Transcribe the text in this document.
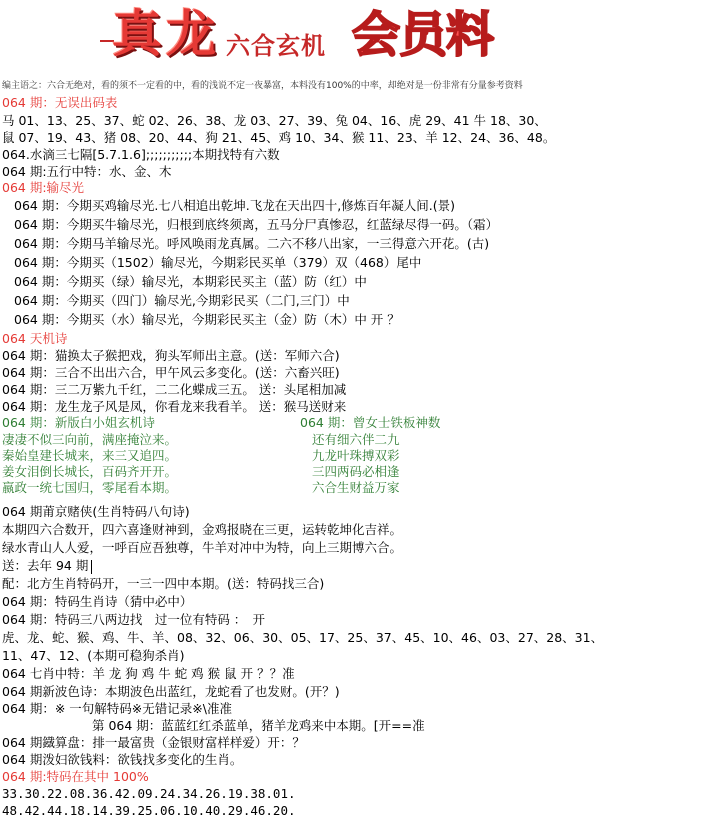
真 龙 六合玄机 会员料
编主语之：六合无绝对，看的须不一定看的中，看的浅说不定一夜暴富，本料没有100%的中率，却绝对是一份非常有分量参考资料
064 期：无误出码表
马 01、13、25、37、蛇 02、26、38、龙 03、27、39、兔 04、16、虎 29、41 牛 18、30、
鼠 07、19、43、猪 08、20、44、狗 21、45、鸡 10、34、猴 11、23、羊 12、24、36、48。
064.水滴三七隔[5.7.1.6];;;;;;;;;;;本期找特有六数
064 期:五行中特：水、金、木
064 期:输尽光
064 期：今期买鸡输尽光.七八相追出乾坤.飞龙在天出四十,修炼百年凝人间.(景)
064 期：今期买牛输尽光，归根到底终须离，五马分尸真惨忍，红蓝绿尽得一码。（霜）
064 期：今期马羊输尽光。呼风唤雨龙真属。二六不移八出家，一三得意六开花。(古)
064 期：今期买（1502）输尽光，今期彩民买单（379）双（468）尾中
064 期：今期买（绿）输尽光，本期彩民买主（蓝）防（红）中
064 期：今期买（四门）输尽光,今期彩民买（二门,三门）中
064 期：今期买（水）输尽光，今期彩民买主（金）防（木）中 开 ？
064 天机诗
064 期：猫换太子猴把戏，狗头军师出主意。(送：军师六合)
064 期：三合不出出六合，甲午风云多变化。(送：六畜兴旺)
064 期：三二万紫九千红，二二化蝶成三五。 送：头尾相加减
064 期：龙生龙子风是凤，你看龙来我看羊。 送：猴马送财来
064 期：新版白小姐玄机诗	064 期：曾女士铁板神数
凄凄不似三向前，满座掩泣来。	还有细六伴二九
秦始皇建长城来，来三又追四。	九龙叶珠搏双彩
姜女泪倒长城长，百码齐开开。	三四两码必相逢
嬴政一统七国归，零尾看本期。	六合生财益万家
064 期莆京赌侠(生肖特码八句诗)
本期四六合数开，四六喜逢财神到，金鸡报晓在三更，运转乾坤化吉祥。
绿水青山人人爱，一呼百应吾独尊，牛羊对冲中为特，向上三期博六合。
送：去年 94 期
配：北方生肖特码开，一三一四中本期。(送：特码找三合)
064 期：特码生肖诗（猜中必中）
064 期：特码三八两边找　过一位有特码 ：　开
虎、龙、蛇、猴、鸡、牛、羊、08、32、06、30、05、17、25、37、45、10、46、03、27、28、31、
11、47、12、(本期可稳狗杀肖)
064 七肖中特：羊 龙 狗 鸡 牛 蛇 鸡 猴 鼠 开 ？？准
064 期新波色诗：本期波色出蓝红，龙蛇看了也发财。(开？)
064 期：※ 一句解特码※无错记录※\准准
第 064 期：蓝蓝红红杀蓝单，猪羊龙鸡来中本期。[开==准
064 期鐡算盘：排一最富贵（金银财富样样爱）开：？
064 期泼妇欲钱料：欲钱找多变化的生肖。
064 期:特码在其中 100%
33.30.22.08.36.42.09.24.34.26.19.38.01.
48.42.44.18.14.39.25.06.10.40.29.46.20.
